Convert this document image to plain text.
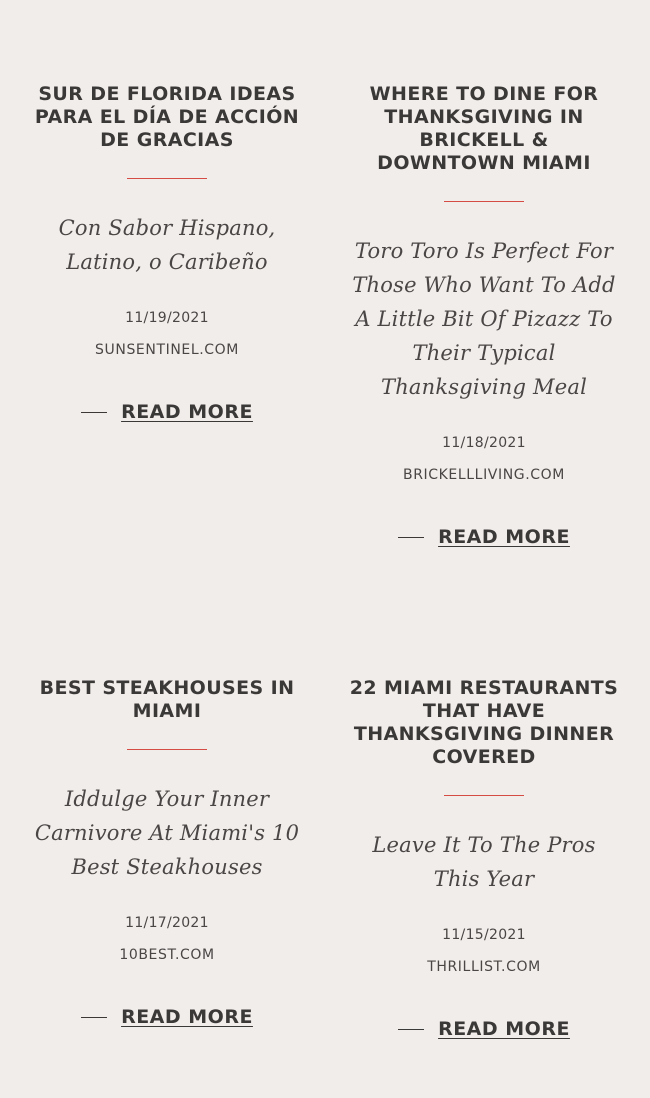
SUR DE FLORIDA IDEAS PARA EL DÍA DE ACCIÓN DE GRACIAS

Con Sabor Hispano, Latino, o Caribeño

11/19/2021
SUNSENTINEL.COM
READ MORE
WHERE TO DINE FOR THANKSGIVING IN BRICKELL & DOWNTOWN MIAMI

Toro Toro Is Perfect For Those Who Want To Add A Little Bit Of Pizazz To Their Typical Thanksgiving Meal

11/18/2021
BRICKELLLIVING.COM
READ MORE
BEST STEAKHOUSES IN MIAMI

Iddulge Your Inner Carnivore At Miami's 10 Best Steakhouses

11/17/2021
10BEST.COM
READ MORE
22 MIAMI RESTAURANTS THAT HAVE THANKSGIVING DINNER COVERED

Leave It To The Pros This Year

11/15/2021
THRILLIST.COM
READ MORE
